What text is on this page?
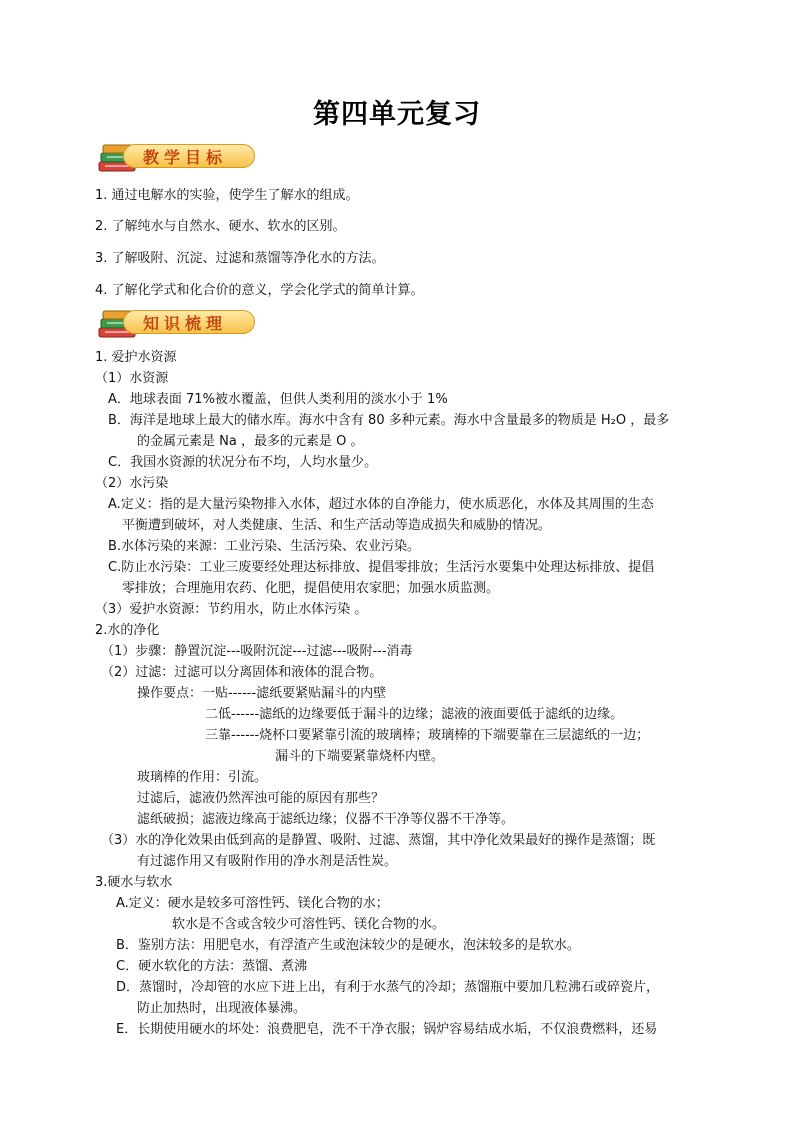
第四单元复习
教学目标
1. 通过电解水的实验，使学生了解水的组成。
2. 了解纯水与自然水、硬水、软水的区别。
3. 了解吸附、沉淀、过滤和蒸馏等净化水的方法。
4. 了解化学式和化合价的意义，学会化学式的简单计算。
知识梳理
1. 爱护水资源
（1）水资源
A．地球表面 71%被水覆盖，但供人类利用的淡水小于 1%
B．海洋是地球上最大的储水库。海水中含有 80 多种元素。海水中含量最多的物质是 H₂O ，最多
的金属元素是 Na ，最多的元素是 O 。
C．我国水资源的状况分布不均，人均水量少。
（2）水污染
A.定义：指的是大量污染物排入水体，超过水体的自净能力，使水质恶化，水体及其周围的生态
平衡遭到破坏，对人类健康、生活、和生产活动等造成损失和威胁的情况。
B.水体污染的来源：工业污染、生活污染、农业污染。
C.防止水污染：工业三废要经处理达标排放、提倡零排放；生活污水要集中处理达标排放、提倡
零排放；合理施用农药、化肥，提倡使用农家肥；加强水质监测。
（3）爱护水资源：节约用水，防止水体污染 。
2.水的净化
（1）步骤：静置沉淀---吸附沉淀---过滤---吸附---消毒
（2）过滤：过滤可以分离固体和液体的混合物。
操作要点：一贴------滤纸要紧贴漏斗的内壁
二低------滤纸的边缘要低于漏斗的边缘；滤液的液面要低于滤纸的边缘。
三靠------烧杯口要紧靠引流的玻璃棒；玻璃棒的下端要靠在三层滤纸的一边；
漏斗的下端要紧靠烧杯内壁。
玻璃棒的作用：引流。
过滤后，滤液仍然浑浊可能的原因有那些？
滤纸破损；滤液边缘高于滤纸边缘；仪器不干净等仪器不干净等。
（3）水的净化效果由低到高的是静置、吸附、过滤、蒸馏，其中净化效果最好的操作是蒸馏；既
有过滤作用又有吸附作用的净水剂是活性炭。
3.硬水与软水
A.定义：硬水是较多可溶性钙、镁化合物的水；
软水是不含或含较少可溶性钙、镁化合物的水。
B．鉴别方法：用肥皂水，有浮渣产生或泡沫较少的是硬水，泡沫较多的是软水。
C．硬水软化的方法：蒸馏、煮沸
D．蒸馏时，冷却管的水应下进上出，有利于水蒸气的冷却；蒸馏瓶中要加几粒沸石或碎瓷片，
防止加热时，出现液体暴沸。
E．长期使用硬水的坏处：浪费肥皂，洗不干净衣服；锅炉容易结成水垢，不仅浪费燃料，还易
